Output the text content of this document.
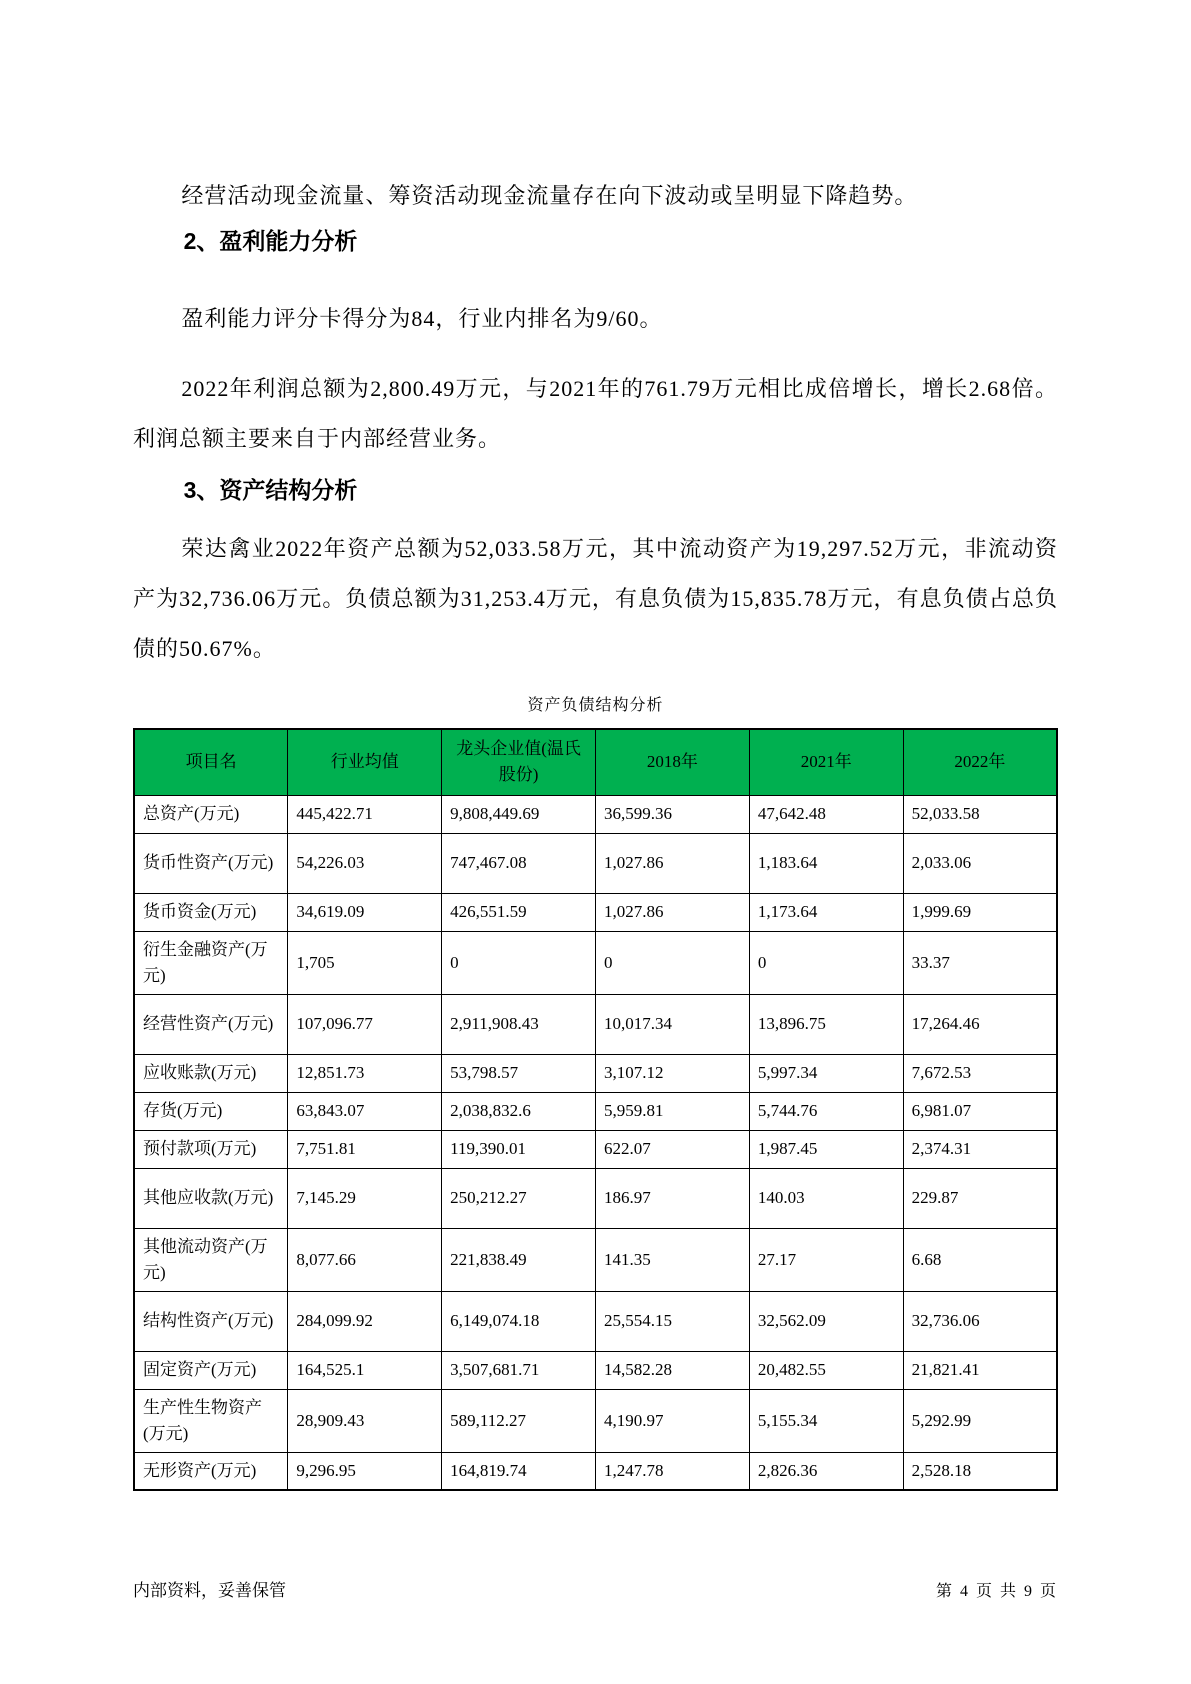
经营活动现金流量、筹资活动现金流量存在向下波动或呈明显下降趋势。

2、盈利能力分析

盈利能力评分卡得分为84，行业内排名为9/60。

2022年利润总额为2,800.49万元，与2021年的761.79万元相比成倍增长，增长2.68倍。利润总额主要来自于内部经营业务。

3、资产结构分析

荣达禽业2022年资产总额为52,033.58万元，其中流动资产为19,297.52万元，非流动资产为32,736.06万元。负债总额为31,253.4万元，有息负债为15,835.78万元，有息负债占总负债的50.67%。

资产负债结构分析
项目名	行业均值	龙头企业值(温氏股份)	2018年	2021年	2022年
总资产(万元)	445,422.71	9,808,449.69	36,599.36	47,642.48	52,033.58
货币性资产(万元)	54,226.03	747,467.08	1,027.86	1,183.64	2,033.06
货币资金(万元)	34,619.09	426,551.59	1,027.86	1,173.64	1,999.69
衍生金融资产(万元)	1,705	0	0	0	33.37
经营性资产(万元)	107,096.77	2,911,908.43	10,017.34	13,896.75	17,264.46
应收账款(万元)	12,851.73	53,798.57	3,107.12	5,997.34	7,672.53
存货(万元)	63,843.07	2,038,832.6	5,959.81	5,744.76	6,981.07
预付款项(万元)	7,751.81	119,390.01	622.07	1,987.45	2,374.31
其他应收款(万元)	7,145.29	250,212.27	186.97	140.03	229.87
其他流动资产(万元)	8,077.66	221,838.49	141.35	27.17	6.68
结构性资产(万元)	284,099.92	6,149,074.18	25,554.15	32,562.09	32,736.06
固定资产(万元)	164,525.1	3,507,681.71	14,582.28	20,482.55	21,821.41
生产性生物资产(万元)	28,909.43	589,112.27	4,190.97	5,155.34	5,292.99
无形资产(万元)	9,296.95	164,819.74	1,247.78	2,826.36	2,528.18
内部资料，妥善保管	第 4 页 共 9 页
